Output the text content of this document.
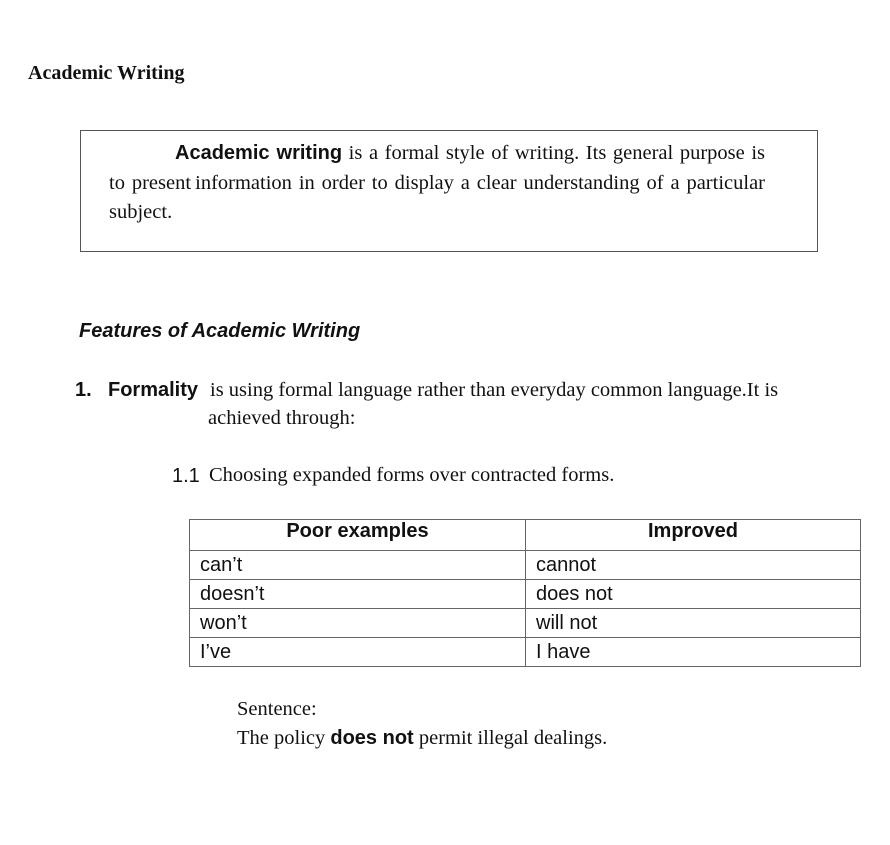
Academic Writing

Academic writing is a formal style of writing. Its general purpose is to present information in order to display a clear understanding of a particular subject.

Features of Academic Writing
1. Formality is using formal language rather than everyday common language.It is
achieved through:
1.1 Choosing expanded forms over contracted forms.
Poor examples	Improved
can’t	cannot
doesn’t	does not
won’t	will not
I’ve	I have
Sentence:
The policy does not permit illegal dealings.
